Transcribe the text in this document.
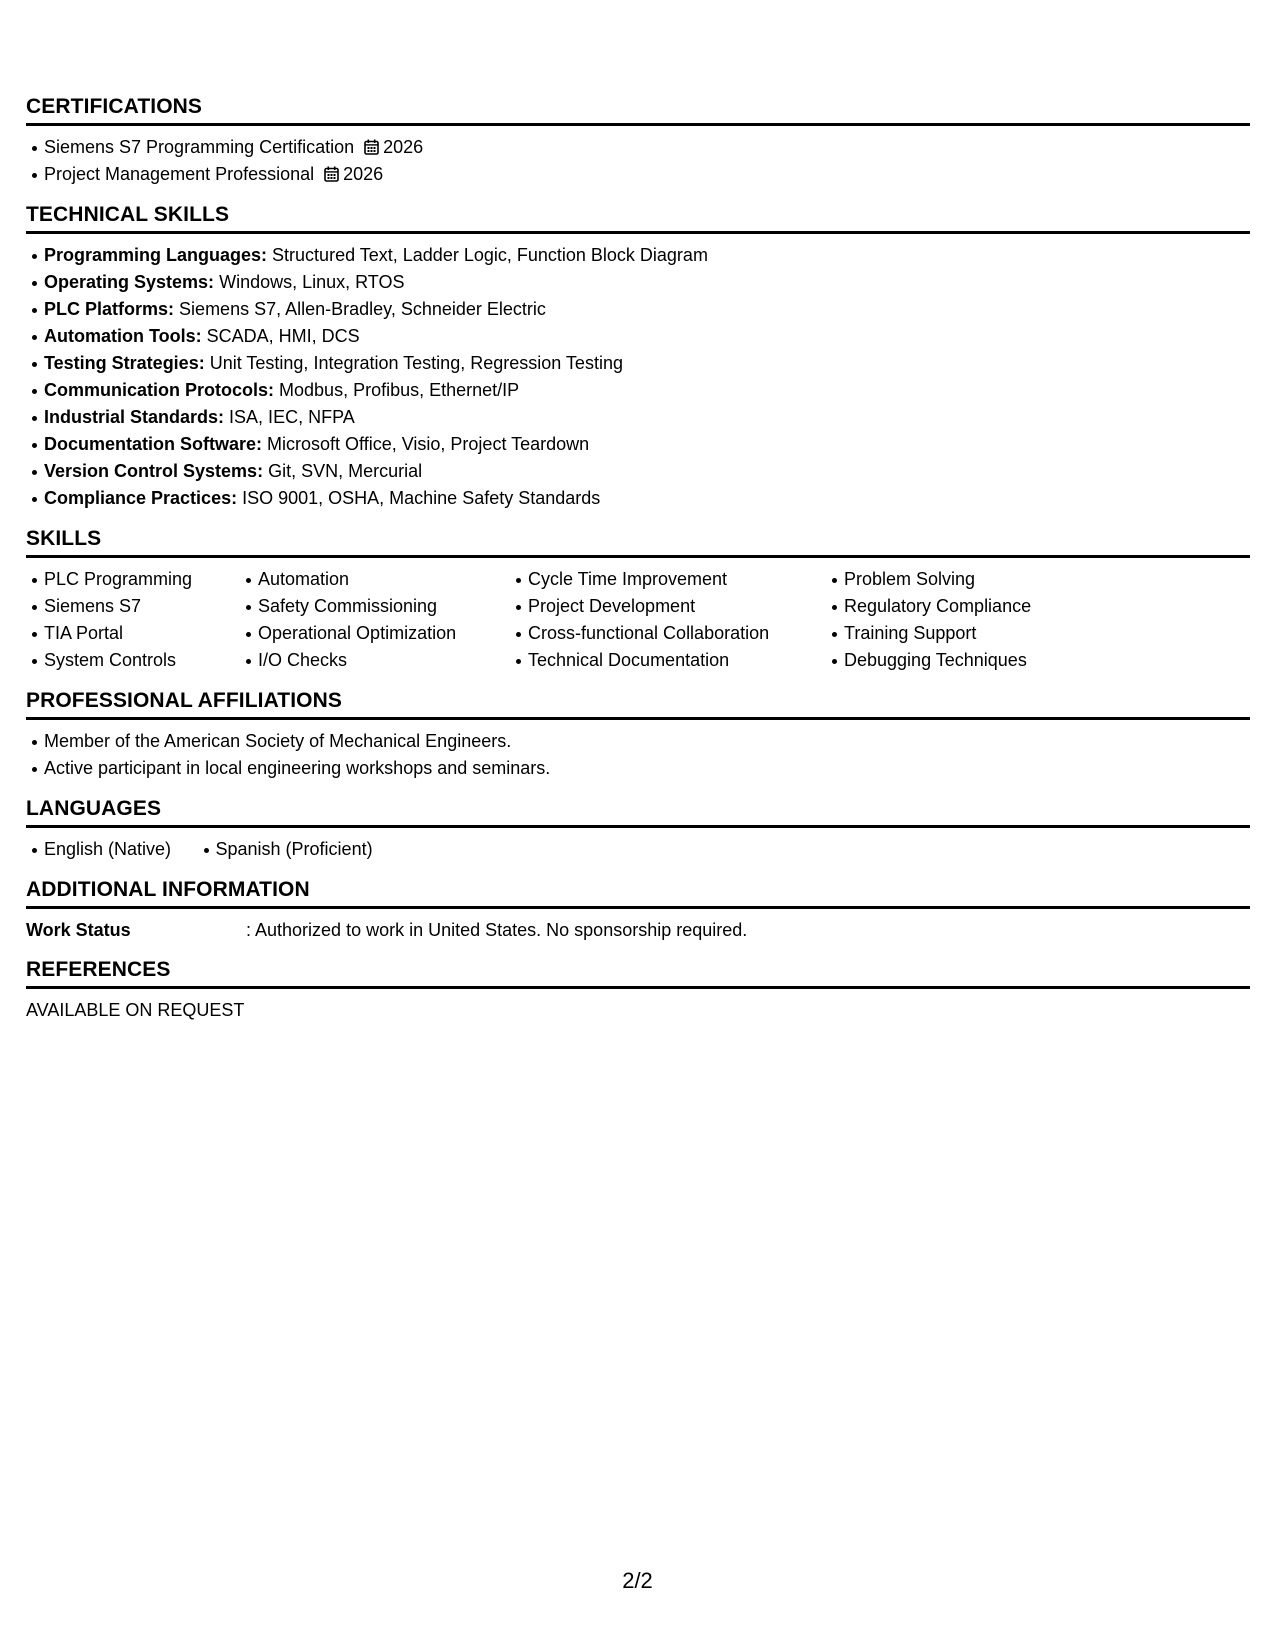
CERTIFICATIONS
Siemens S7 Programming Certification 2026
Project Management Professional 2026
TECHNICAL SKILLS
Programming Languages: Structured Text, Ladder Logic, Function Block Diagram
Operating Systems: Windows, Linux, RTOS
PLC Platforms: Siemens S7, Allen-Bradley, Schneider Electric
Automation Tools: SCADA, HMI, DCS
Testing Strategies: Unit Testing, Integration Testing, Regression Testing
Communication Protocols: Modbus, Profibus, Ethernet/IP
Industrial Standards: ISA, IEC, NFPA
Documentation Software: Microsoft Office, Visio, Project Teardown
Version Control Systems: Git, SVN, Mercurial
Compliance Practices: ISO 9001, OSHA, Machine Safety Standards
SKILLS
PLC Programming
Siemens S7
TIA Portal
System Controls
Automation
Safety Commissioning
Operational Optimization
I/O Checks
Cycle Time Improvement
Project Development
Cross-functional Collaboration
Technical Documentation
Problem Solving
Regulatory Compliance
Training Support
Debugging Techniques
PROFESSIONAL AFFILIATIONS
Member of the American Society of Mechanical Engineers.
Active participant in local engineering workshops and seminars.
LANGUAGES
English (Native) Spanish (Proficient)
ADDITIONAL INFORMATION
Work Status	: Authorized to work in United States. No sponsorship required.
REFERENCES
AVAILABLE ON REQUEST
2/2
